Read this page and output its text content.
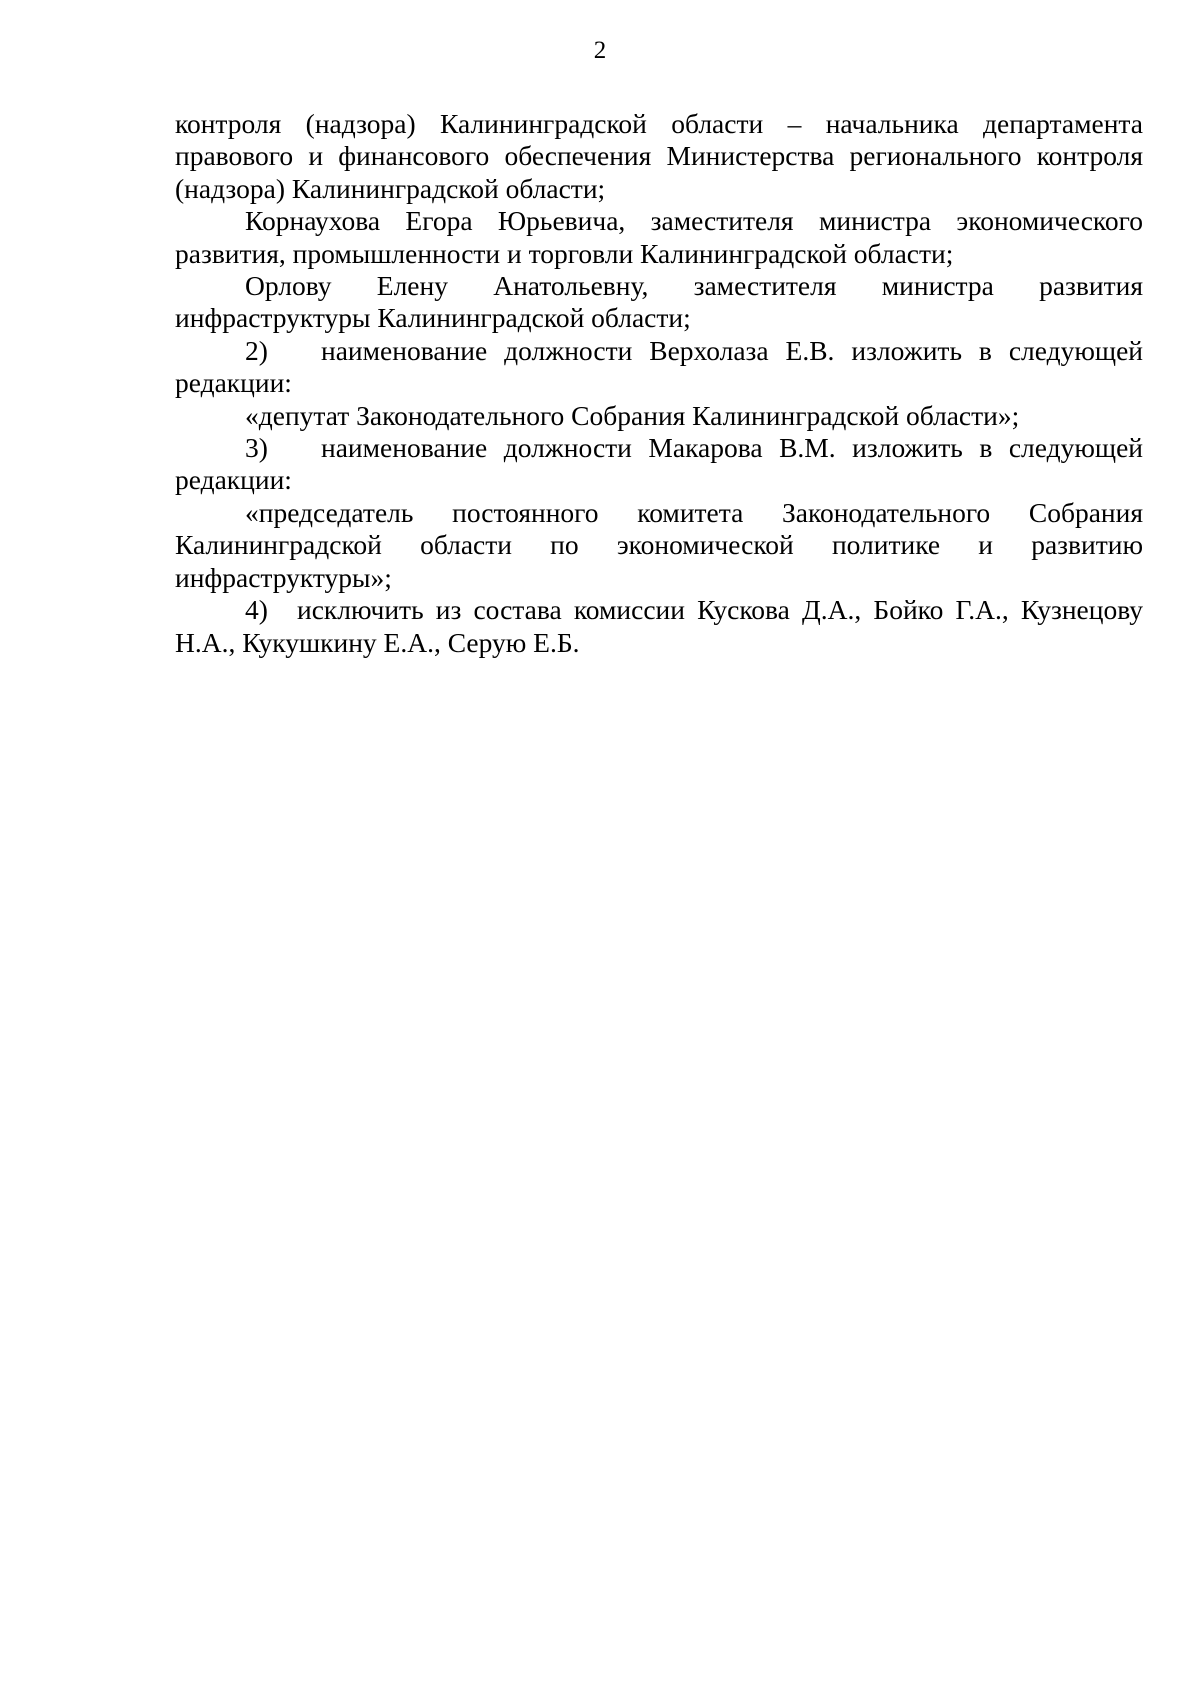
2

контроля (надзора) Калининградской области – начальника департамента правового и финансового обеспечения Министерства регионального контроля (надзора) Калининградской области;

Корнаухова Егора Юрьевича, заместителя министра экономического развития, промышленности и торговли Калининградской области;

Орлову Елену Анатольевну, заместителя министра развития инфраструктуры Калининградской области;

2) наименование должности Верхолаза Е.В. изложить в следующей редакции:

«депутат Законодательного Собрания Калининградской области»;

3) наименование должности Макарова В.М. изложить в следующей редакции:

«председатель постоянного комитета Законодательного Собрания Калининградской области по экономической политике и развитию инфраструктуры»;

4) исключить из состава комиссии Кускова Д.А., Бойко Г.А., Кузнецову Н.А., Кукушкину Е.А., Серую Е.Б.
